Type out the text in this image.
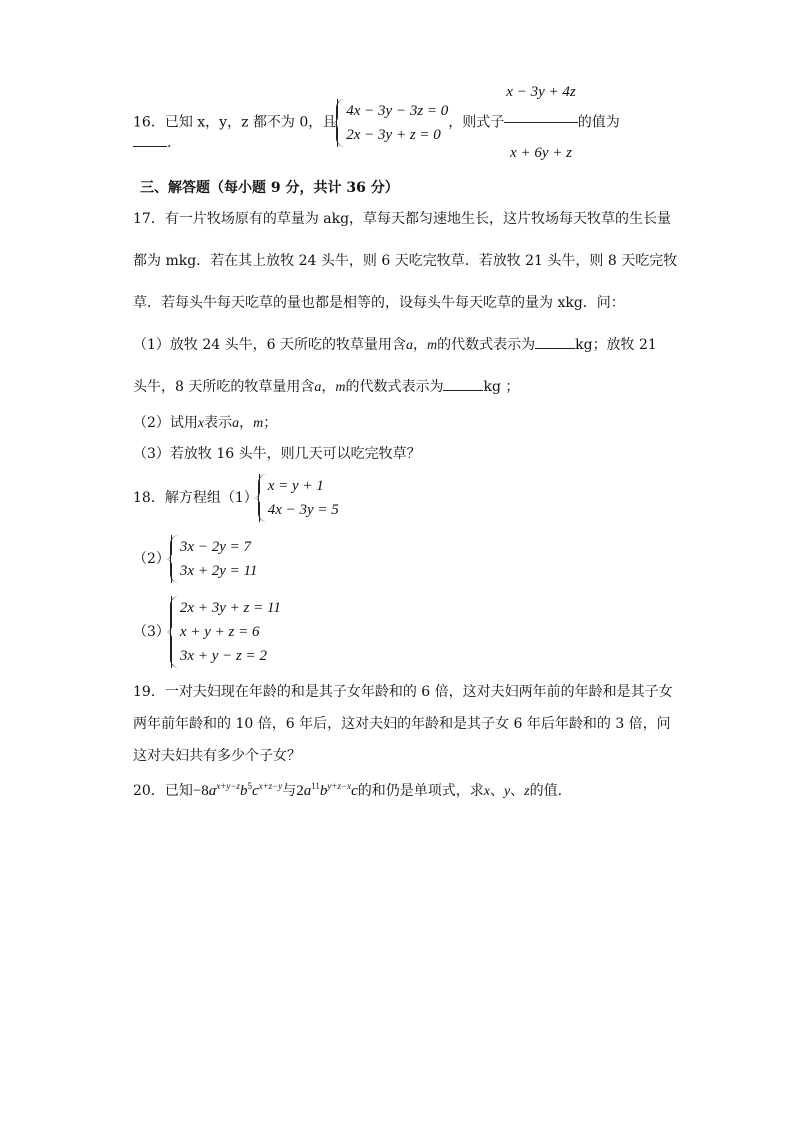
16．已知 x，y，z 都不为 0，且
4x − 3y − 3z = 0
2x − 3y + z = 0
，则式子 $\frac{x - 3y + 4z}{x + 6y + z}$ 的值为
.
三、解答题（每小题 9 分，共计 36 分）
17．有一片牧场原有的草量为 akg，草每天都匀速地生长，这片牧场每天牧草的生长量
都为 mkg．若在其上放牧 24 头牛，则 6 天吃完牧草．若放牧 21 头牛，则 8 天吃完牧
草．若每头牛每天吃草的量也都是相等的，设每头牛每天吃草的量为 xkg．问：
（1）放牧 24 头牛，6 天所吃的牧草量用含a，m的代数式表示为	kg；放牧 21
头牛，8 天所吃的牧草量用含a，m的代数式表示为	kg ；
（2）试用x表示a，m；
（3）若放牧 16 头牛，则几天可以吃完牧草？
18．解方程组（1）
x = y + 1
4x − 3y = 5
（2）
3x − 2y = 7
3x + 2y = 11
（3）
2x + 3y + z = 11
x + y + z = 6
3x + y − z = 2
19．一对夫妇现在年龄的和是其子女年龄和的 6 倍，这对夫妇两年前的年龄和是其子女
两年前年龄和的 10 倍，6 年后，这对夫妇的年龄和是其子女 6 年后年龄和的 3 倍，问
这对夫妇共有多少个子女？
20．已知$-8a^{x+y-z}b^5c^{x+z-y}$与$2a^{11}b^{y+z-x}c$的和仍是单项式，求x、y、z的值.
